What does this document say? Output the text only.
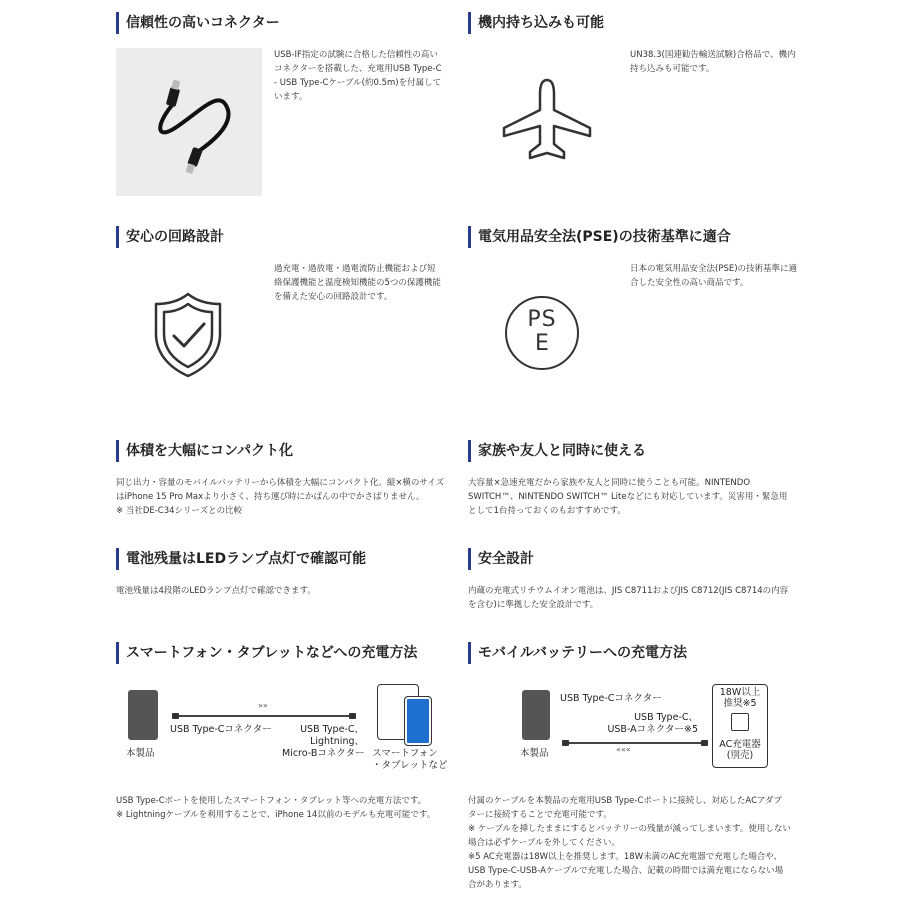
信頼性の高いコネクター
USB-IF指定の試験に合格した信頼性の高い
コネクターを搭載した、充電用USB Type-C
- USB Type-Cケーブル(約0.5m)を付属して
います。
機内持ち込みも可能
UN38.3(国連勧告輸送試験)合格品で、機内
持ち込みも可能です。
安心の回路設計
過充電・過放電・過電流防止機能および短
絡保護機能と温度検知機能の5つの保護機能
を備えた安心の回路設計です。
電気用品安全法(PSE)の技術基準に適合
PS
E
日本の電気用品安全法(PSE)の技術基準に適
合した安全性の高い商品です。
体積を大幅にコンパクト化
同じ出力・容量のモバイルバッテリーから体積を大幅にコンパクト化。縦×横のサイズ
はiPhone 15 Pro Maxより小さく、持ち運び時にかばんの中でかさばりません。
※ 当社DE-C34シリーズとの比較
家族や友人と同時に使える
大容量×急速充電だから家族や友人と同時に使うことも可能。NINTENDO
SWITCH™、NINTENDO SWITCH™ Liteなどにも対応しています。災害用・緊急用
として1台持っておくのもおすすめです。
電池残量はLEDランプ点灯で確認可能
電池残量は4段階のLEDランプ点灯で確認できます。
安全設計
内蔵の充電式リチウムイオン電池は、JIS C8711およびJIS C8712(JIS C8714の内容
を含む)に準拠した安全設計です。
スマートフォン・タブレットなどへの充電方法
本製品
»»
USB Type-Cコネクター	USB Type-C、
Lightning、
Micro-Bコネクター スマートフォン
・タブレットなど
USB Type-Cポートを使用したスマートフォン・タブレット等への充電方法です。
※ Lightningケーブルを利用することで、iPhone 14以前のモデルも充電可能です。
モバイルバッテリーへの充電方法
本製品
USB Type-Cコネクター
USB Type-C、
USB-Aコネクター※5
«««
18W以上
推奨※5
AC充電器
(別売)
付属のケーブルを本製品の充電用USB Type-Cポートに接続し、対応したACアダプ
ターに接続することで充電可能です。
※ ケーブルを挿したままにするとバッテリーの残量が減ってしまいます。使用しない
場合は必ずケーブルを外してください。
※5 AC充電器は18W以上を推奨します。18W未満のAC充電器で充電した場合や、
USB Type-C-USB-Aケーブルで充電した場合、記載の時間では満充電にならない場
合があります。
